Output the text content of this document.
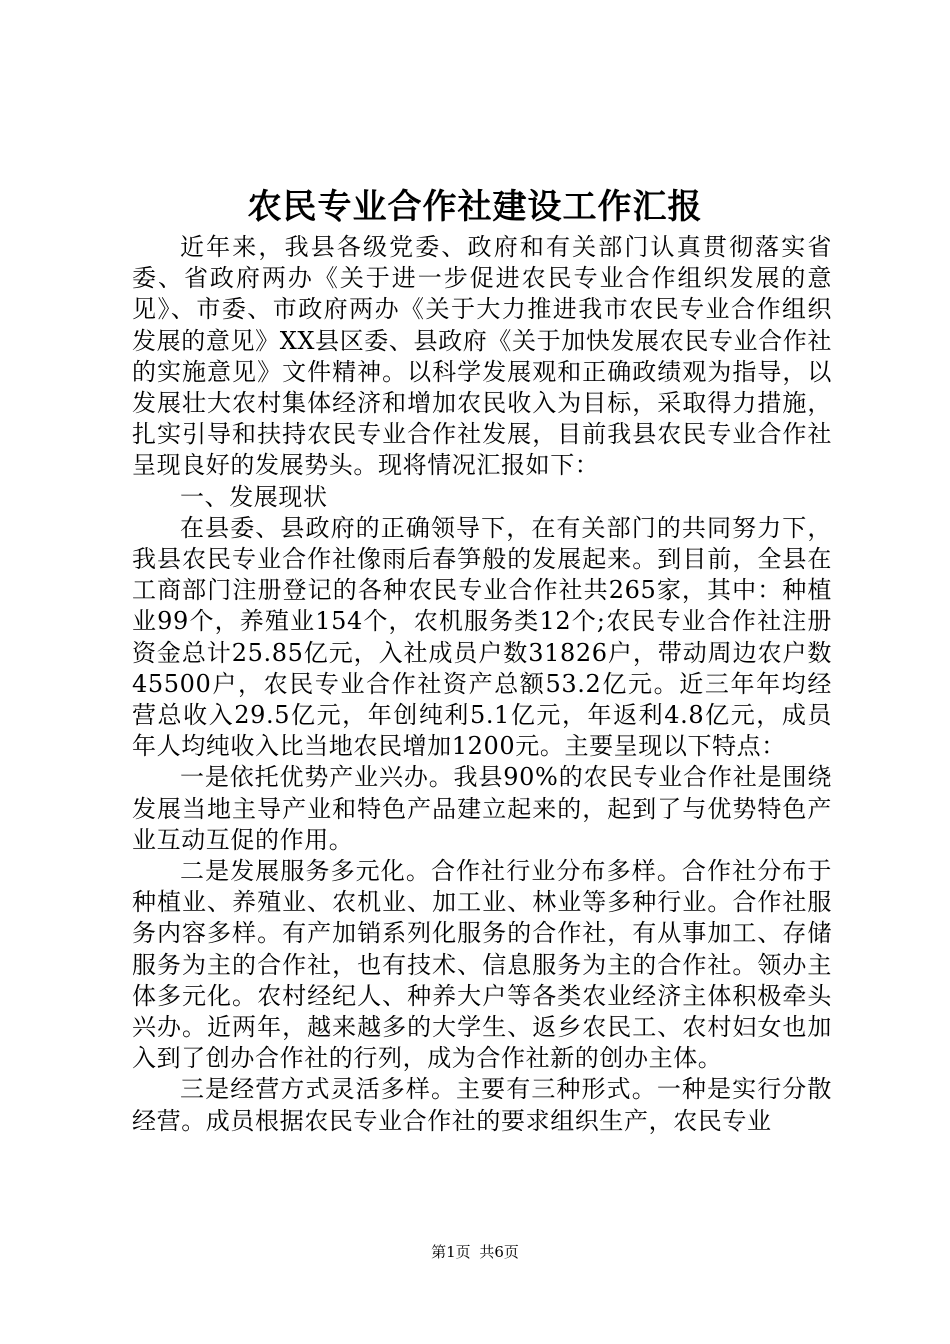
农民专业合作社建设工作汇报

近年来，我县各级党委、政府和有关部门认真贯彻落实省委、省政府两办《关于进一步促进农民专业合作组织发展的意见》、市委、市政府两办《关于大力推进我市农民专业合作组织发展的意见》XX县区委、县政府《关于加快发展农民专业合作社的实施意见》文件精神。以科学发展观和正确政绩观为指导，以发展壮大农村集体经济和增加农民收入为目标，采取得力措施，扎实引导和扶持农民专业合作社发展，目前我县农民专业合作社呈现良好的发展势头。现将情况汇报如下：

一、发展现状

在县委、县政府的正确领导下，在有关部门的共同努力下，我县农民专业合作社像雨后春笋般的发展起来。到目前，全县在工商部门注册登记的各种农民专业合作社共265家，其中：种植业99个，养殖业154个，农机服务类12个;农民专业合作社注册资金总计25.85亿元，入社成员户数31826户，带动周边农户数45500户，农民专业合作社资产总额53.2亿元。近三年年均经营总收入29.5亿元，年创纯利5.1亿元，年返利4.8亿元，成员年人均纯收入比当地农民增加1200元。主要呈现以下特点：

一是依托优势产业兴办。我县90%的农民专业合作社是围绕发展当地主导产业和特色产品建立起来的，起到了与优势特色产业互动互促的作用。

二是发展服务多元化。合作社行业分布多样。合作社分布于种植业、养殖业、农机业、加工业、林业等多种行业。合作社服务内容多样。有产加销系列化服务的合作社，有从事加工、存储服务为主的合作社，也有技术、信息服务为主的合作社。领办主体多元化。农村经纪人、种养大户等各类农业经济主体积极牵头兴办。近两年，越来越多的大学生、返乡农民工、农村妇女也加入到了创办合作社的行列，成为合作社新的创办主体。

三是经营方式灵活多样。主要有三种形式。一种是实行分散经营。成员根据农民专业合作社的要求组织生产，农民专业

第1页 共6页
